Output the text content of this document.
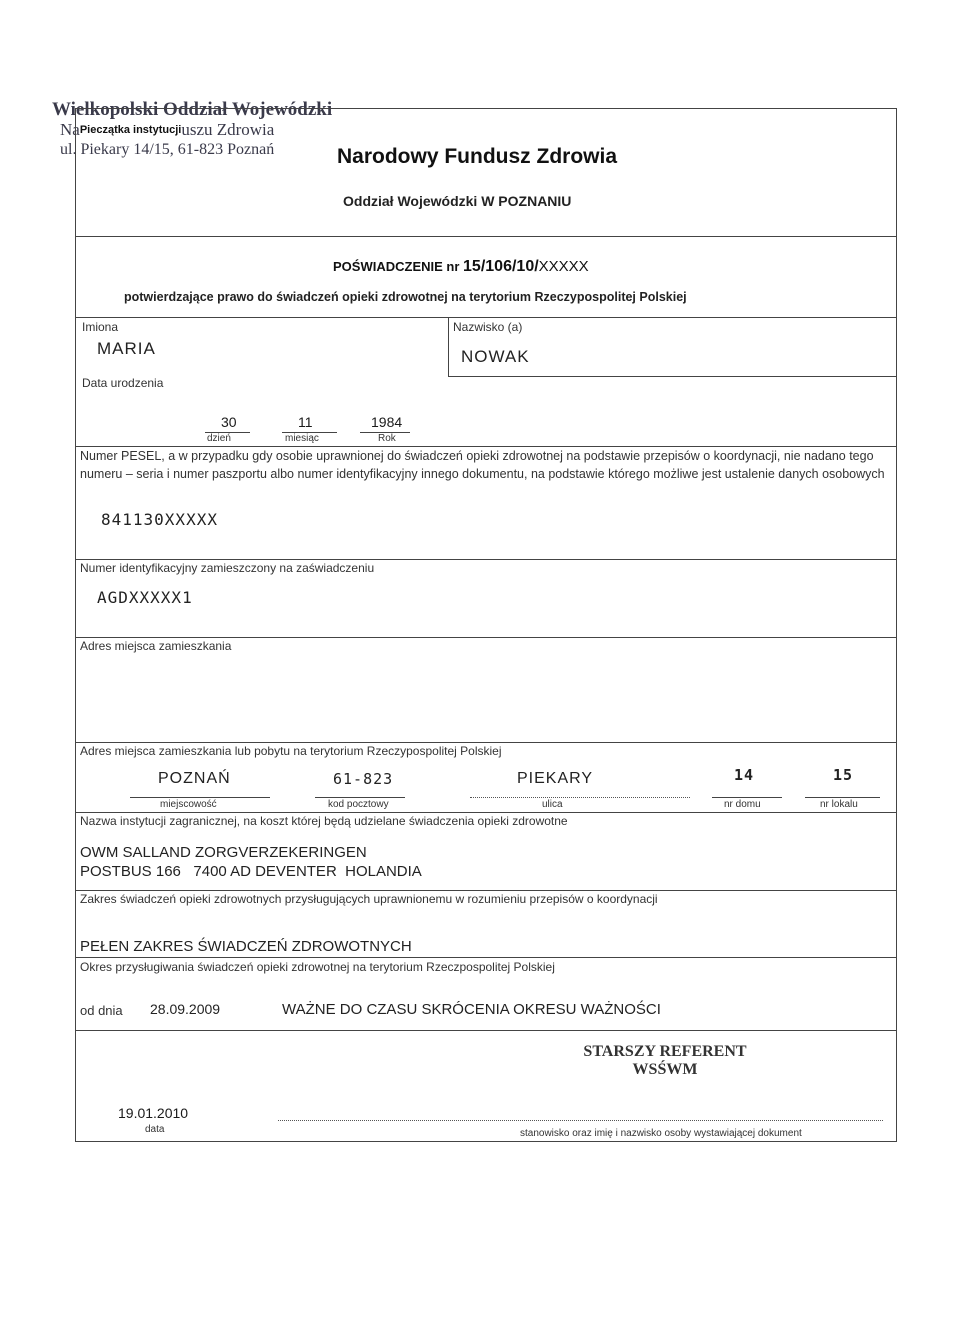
Wielkopolski Oddział Wojewódzki
NaPieczątka instytucjiuszu Zdrowia
ul. Piekary 14/15, 61-823 Poznań	Narodowy Fundusz Zdrowia
Oddział Wojewódzki W POZNANIU
POŚWIADCZENIE nr 15/106/10/XXXXX
potwierdzające prawo do świadczeń opieki zdrowotnej na terytorium Rzeczypospolitej Polskiej
Imiona
MARIA
Nazwisko (a)
NOWAK
Data urodzenia
30	11	1984
dzień	miesiąc	Rok
Numer PESEL, a w przypadku gdy osobie uprawnionej do świadczeń opieki zdrowotnej na podstawie przepisów o koordynacji, nie nadano tego numeru – seria i numer paszportu albo numer identyfikacyjny innego dokumentu, na podstawie którego możliwe jest ustalenie danych osobowych
841130XXXXX
Numer identyfikacyjny zamieszczony na zaświadczeniu
AGDXXXXX1
Adres miejsca zamieszkania
Adres miejsca zamieszkania lub pobytu na terytorium Rzeczypospolitej Polskiej
POZNAŃ	61-823	PIEKARY	14	15
miejscowość	kod pocztowy	ulica	nr domu	nr lokalu
Nazwa instytucji zagranicznej, na koszt której będą udzielane świadczenia opieki zdrowotne
OWM SALLAND ZORGVERZEKERINGEN
POSTBUS 166   7400 AD DEVENTER  HOLANDIA
Zakres świadczeń opieki zdrowotnych przysługujących uprawnionemu w rozumieniu przepisów o koordynacji
PEŁEN ZAKRES ŚWIADCZEŃ ZDROWOTNYCH
Okres przysługiwania świadczeń opieki zdrowotnej na terytorium Rzeczpospolitej Polskiej
od dnia 28.09.2009	WAŻNE DO CZASU SKRÓCENIA OKRESU WAŻNOŚCI
STARSZY REFERENT
WSŚWM
19.01.2010
data	stanowisko oraz imię i nazwisko osoby wystawiającej dokument
